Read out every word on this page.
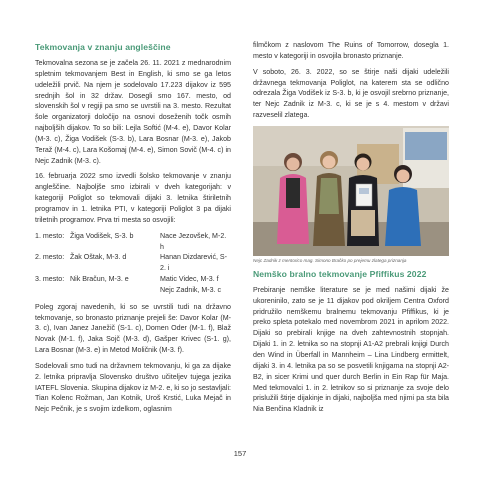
Tekmovanja v znanju angleščine

Tekmovalna sezona se je začela 26. 11. 2021 z mednarodnim spletnim tekmovanjem Best in English, ki smo se ga letos udeležili prvič. Na njem je sodelovalo 17.223 dijakov iz 595 srednjih šol in 32 držav. Dosegli smo 167. mesto, od slovenskih šol v regiji pa smo se uvrstili na 3. mesto. Rezultat šole organizatorji določijo na osnovi doseženih točk osmih najboljših dijakov. To so bili: Lejla Softić (M-4. e), Davor Kolar (M-3. c), Žiga Vodišek (S-3. b), Lara Bosnar (M-3. e), Jakob Teraž (M-4. c), Lara Košomaj (M-4. e), Simon Sovič (M-4. c) in Nejc Zadnik (M-3. c).

16. februarja 2022 smo izvedli šolsko tekmovanje v znanju angleščine. Najboljše smo izbirali v dveh kategorijah: v kategoriji Poliglot so tekmovali dijaki 3. letnika štiriletnih programov in 1. letnika PTI, v kategoriji Poliglot 3 pa dijaki triletnih programov. Prva tri mesta so osvojili:

1. mesto:	Žiga Vodišek, S-3. b	Nace Jezovšek, M-2. h
2. mesto:	Žak Oštak, M-3. d	Hanan Dizdarević, S-2. i
3. mesto:	Nik Bračun, M-3. e	Matic Videc, M-3. f
		Nejc Zadnik, M-3. c

Poleg zgoraj navedenih, ki so se uvrstili tudi na državno tekmovanje, so bronasto priznanje prejeli še: Davor Kolar (M-3. c), Ivan Janez Janežič (S-1. c), Domen Oder (M-1. f), Blaž Novak (M-1. f), Jaka Sojč (M-3. d), Gašper Krivec (S-1. g), Lara Bosnar (M-3. e) in Metod Moličnik (M-3. f).

Sodelovali smo tudi na državnem tekmovanju, ki ga za dijake 2. letnika pripravlja Slovensko društvo učiteljev tujega jezika IATEFL Slovenia. Skupina dijakov iz M-2. e, ki so jo sestavljali: Tian Kolenc Rožman, Jan Kotnik, Uroš Krstić, Luka Mejač in Nejc Pečnik, je s svojim izdelkom, oglasnim

filmčkom z naslovom The Ruins of Tomorrow, dosegla 1. mesto v kategoriji in osvojila bronasto priznanje.

V soboto, 26. 3. 2022, so se štirje naši dijaki udeležili državnega tekmovanja Poliglot, na katerem sta se odlično odrezala Žiga Vodišek iz S-3. b, ki je osvojil srebrno priznanje, ter Nejc Zadnik iz M-3. c, ki se je s 4. mestom v državi razveselil zlatega.

Nejc Zadnik z mentorico mag. Simono Bračko po prejemu zlatega priznanja
Nemško bralno tekmovanje Pfiffikus 2022

Prebiranje nemške literature se je med našimi dijaki že ukoreninilo, zato se je 11 dijakov pod okriljem Centra Oxford pridružilo nemškemu bralnemu tekmovanju Pfiffikus, ki je preko spleta potekalo med novembrom 2021 in aprilom 2022. Dijaki so prebirali knjige na dveh zahtevnostnih stopnjah. Dijaki 1. in 2. letnika so na stopnji A1-A2 prebrali knjigi Durch den Wind in Überfall in Mannheim – Lina Lindberg ermittelt, dijaki 3. in 4. letnika pa so se posvetili knjigama na stopnji A2-B2, in sicer Krimi und quer durch Berlin in Ein Rap für Maja. Med tekmovalci 1. in 2. letnikov so si priznanje za svoje delo prislužili štirje dijakinje in dijaki, najboljša med njimi pa sta bila Nia Benčina Kladnik iz

157
